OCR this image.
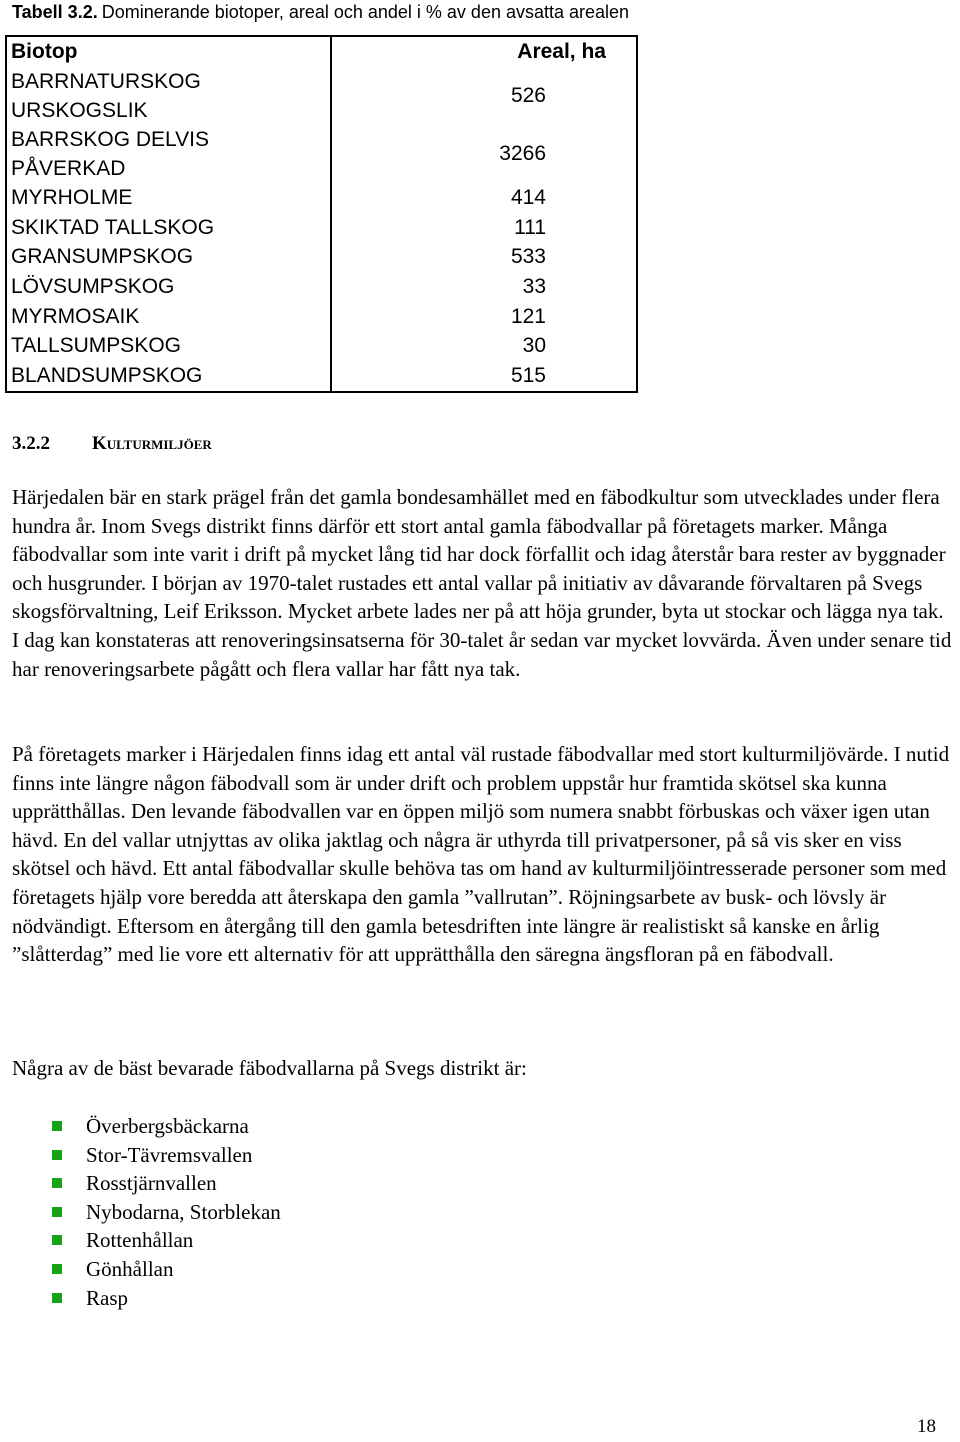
Tabell 3.2. Dominerande biotoper, areal och andel i % av den avsatta arealen
Biotop	Areal, ha
BARRNATURSKOG URSKOGSLIK	526
BARRSKOG DELVIS PÅVERKAD	3266
MYRHOLME	414
SKIKTAD TALLSKOG	111
GRANSUMPSKOG	533
LÖVSUMPSKOG	33
MYRMOSAIK	121
TALLSUMPSKOG	30
BLANDSUMPSKOG	515
3.2.2 Kulturmiljöer

Härjedalen bär en stark prägel från det gamla bondesamhället med en fäbodkultur som utvecklades under flera hundra år. Inom Svegs distrikt finns därför ett stort antal gamla fäbodvallar på företagets marker. Många fäbodvallar som inte varit i drift på mycket lång tid har dock förfallit och idag återstår bara rester av byggnader och husgrunder. I början av 1970-talet rustades ett antal vallar på initiativ av dåvarande förvaltaren på Svegs skogsförvaltning, Leif Eriksson. Mycket arbete lades ner på att höja grunder, byta ut stockar och lägga nya tak. I dag kan konstateras att renoveringsinsatserna för 30-talet år sedan var mycket lovvärda. Även under senare tid har renoveringsarbete pågått och flera vallar har fått nya tak.

På företagets marker i Härjedalen finns idag ett antal väl rustade fäbodvallar med stort kulturmiljövärde. I nutid finns inte längre någon fäbodvall som är under drift och problem uppstår hur framtida skötsel ska kunna upprätthållas. Den levande fäbodvallen var en öppen miljö som numera snabbt förbuskas och växer igen utan hävd. En del vallar utnjyttas av olika jaktlag och några är uthyrda till privatpersoner, på så vis sker en viss skötsel och hävd. Ett antal fäbodvallar skulle behöva tas om hand av kulturmiljöintresserade personer som med företagets hjälp vore beredda att återskapa den gamla ”vallrutan”. Röjningsarbete av busk- och lövsly är nödvändigt. Eftersom en återgång till den gamla betesdriften inte längre är realistiskt så kanske en årlig ”slåtterdag” med lie vore ett alternativ för att upprätthålla den säregna ängsfloran på en fäbodvall.

Några av de bäst bevarade fäbodvallarna på Svegs distrikt är:

Överbergsbäckarna
Stor-Tävremsvallen
Rosstjärnvallen
Nybodarna, Storblekan
Rottenhållan
Gönhållan
Rasp
18
